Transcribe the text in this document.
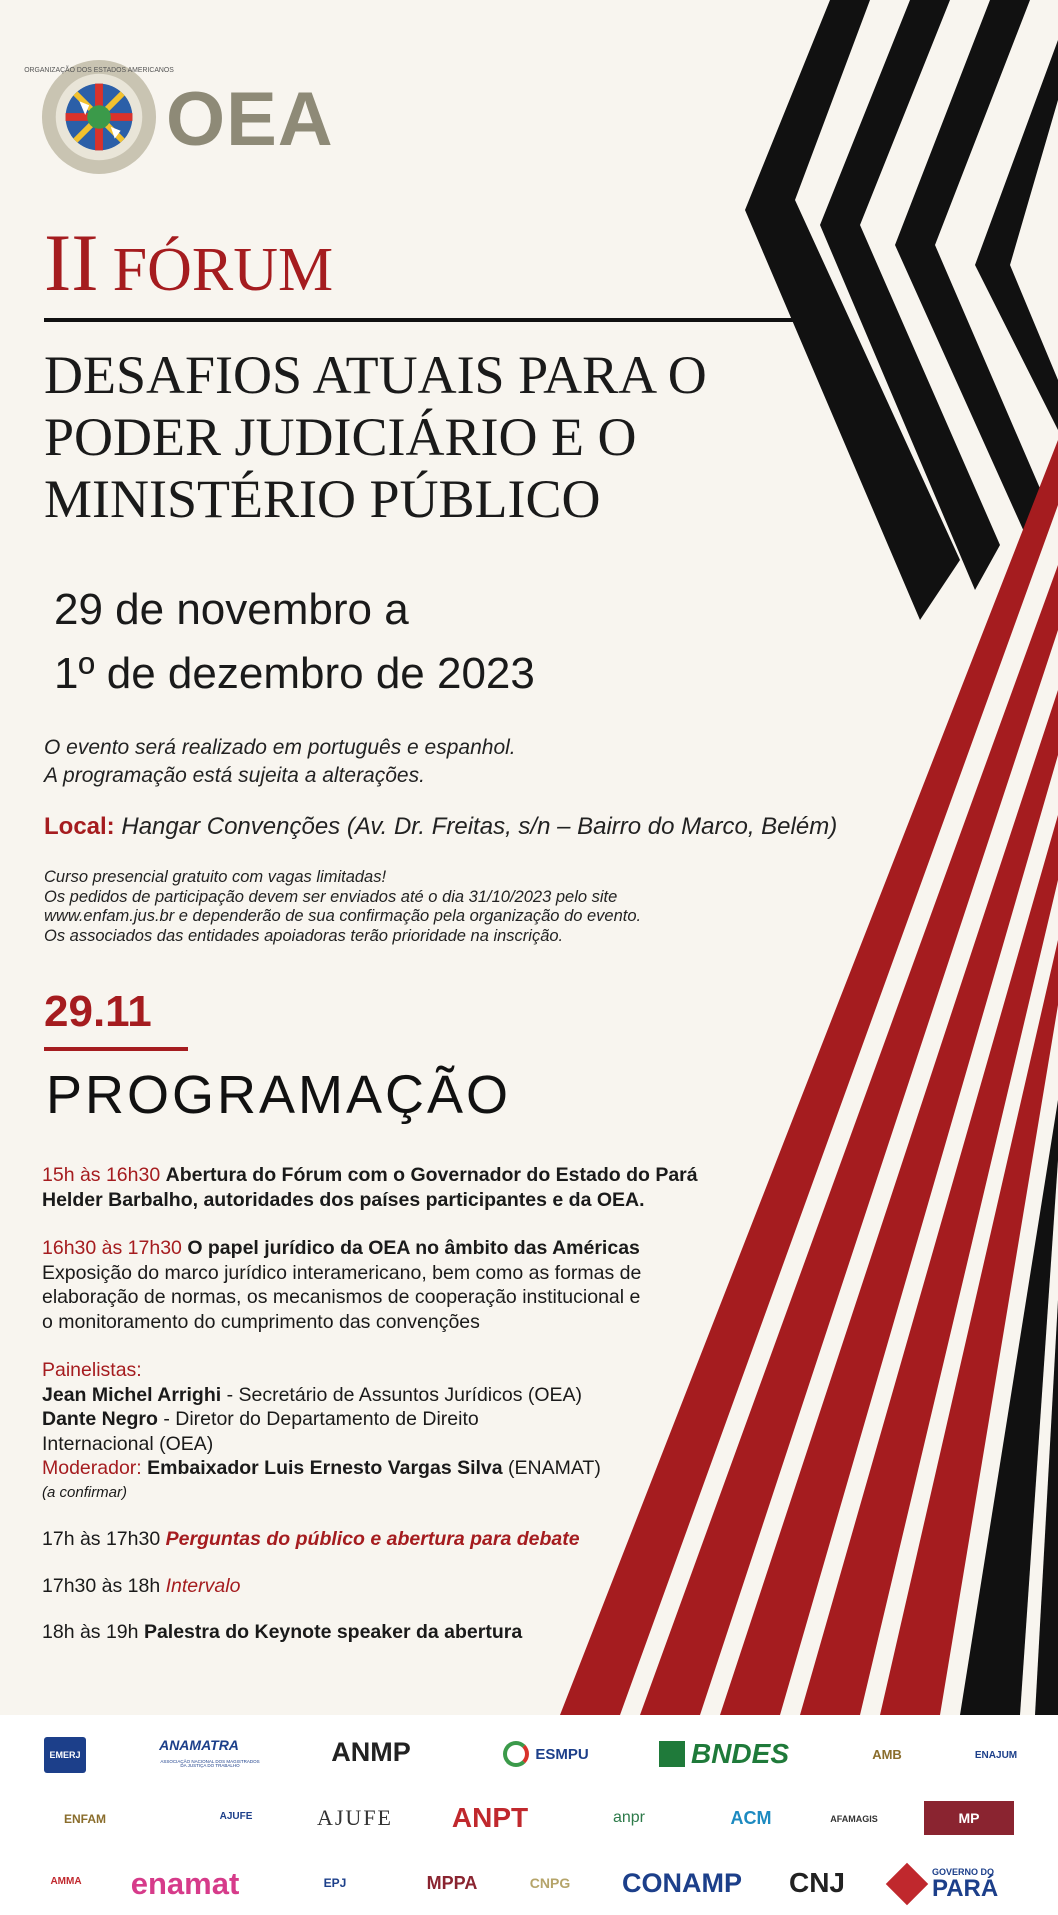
ORGANIZAÇÃO DOS ESTADOS AMERICANOS
OEA
II FÓRUM
DESAFIOS ATUAIS PARA O
PODER JUDICIÁRIO E O
MINISTÉRIO PÚBLICO
29 de novembro a
1º de dezembro de 2023
O evento será realizado em português e espanhol.
A programação está sujeita a alterações.
Local: Hangar Convenções (Av. Dr. Freitas, s/n – Bairro do Marco, Belém)
Curso presencial gratuito com vagas limitadas!
Os pedidos de participação devem ser enviados até o dia 31/10/2023 pelo site
www.enfam.jus.br e dependerão de sua confirmação pela organização do evento.
Os associados das entidades apoiadoras terão prioridade na inscrição.
29.11
PROGRAMAÇÃO
15h às 16h30 Abertura do Fórum com o Governador do Estado do Pará
Helder Barbalho, autoridades dos países participantes e da OEA.
16h30 às 17h30 O papel jurídico da OEA no âmbito das Américas
Exposição do marco jurídico interamericano, bem como as formas de
elaboração de normas, os mecanismos de cooperação institucional e
o monitoramento do cumprimento das convenções
Painelistas:
Jean Michel Arrighi - Secretário de Assuntos Jurídicos (OEA)
Dante Negro - Diretor do Departamento de Direito
Internacional (OEA)
Moderador: Embaixador Luis Ernesto Vargas Silva (ENAMAT)
(a confirmar)
17h às 17h30 Perguntas do público e abertura para debate
17h30 às 18h Intervalo
18h às 19h Palestra do Keynote speaker da abertura
EMERJ
ANAMATRA
ASSOCIAÇÃO NACIONAL DOS MAGISTRADOS DA JUSTIÇA DO TRABALHO	ANMP	ESMPU	BNDES	AMB	ENAJUM
ENFAM	AJUFE	AJUFE ANPT	anpr	ACM	AFAMAGIS	MP
AMMA enamat	EPJ	MPPA	CNPG CONAMP CNJ	GOVERNO DO
PARÁ
